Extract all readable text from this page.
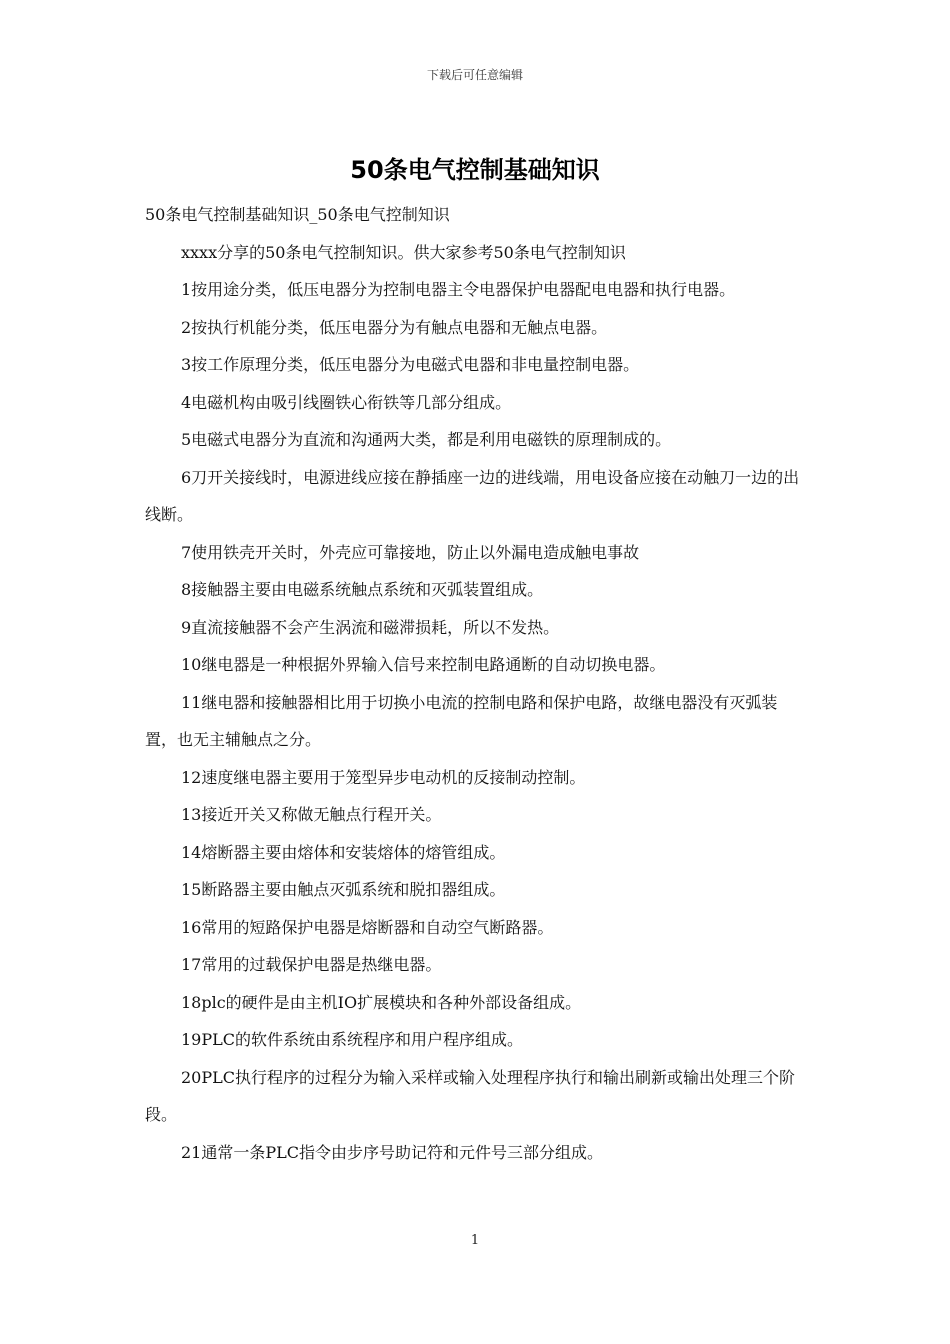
下载后可任意编辑
50条电气控制基础知识

50条电气控制基础知识_50条电气控制知识

xxxx分享的50条电气控制知识。供大家参考50条电气控制知识

1按用途分类，低压电器分为控制电器主令电器保护电器配电电器和执行电器。

2按执行机能分类，低压电器分为有触点电器和无触点电器。

3按工作原理分类，低压电器分为电磁式电器和非电量控制电器。

4电磁机构由吸引线圈铁心衔铁等几部分组成。

5电磁式电器分为直流和沟通两大类，都是利用电磁铁的原理制成的。

6刀开关接线时，电源进线应接在静插座一边的进线端，用电设备应接在动触刀一边的出线断。

7使用铁壳开关时，外壳应可靠接地，防止以外漏电造成触电事故

8接触器主要由电磁系统触点系统和灭弧装置组成。

9直流接触器不会产生涡流和磁滞损耗，所以不发热。

10继电器是一种根据外界输入信号来控制电路通断的自动切换电器。

11继电器和接触器相比用于切换小电流的控制电路和保护电路，故继电器没有灭弧装置，也无主辅触点之分。

12速度继电器主要用于笼型异步电动机的反接制动控制。

13接近开关又称做无触点行程开关。

14熔断器主要由熔体和安装熔体的熔管组成。

15断路器主要由触点灭弧系统和脱扣器组成。

16常用的短路保护电器是熔断器和自动空气断路器。

17常用的过载保护电器是热继电器。

18plc的硬件是由主机IO扩展模块和各种外部设备组成。

19PLC的软件系统由系统程序和用户程序组成。

20PLC执行程序的过程分为输入采样或输入处理程序执行和输出刷新或输出处理三个阶段。

21通常一条PLC指令由步序号助记符和元件号三部分组成。

1
